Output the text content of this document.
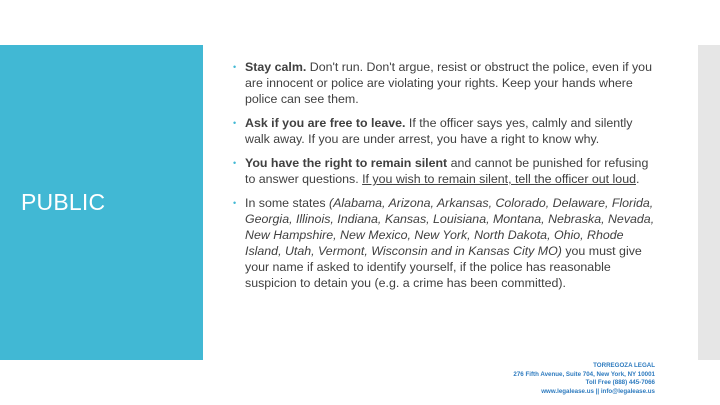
PUBLIC
• Stay calm. Don't run. Don't argue, resist or obstruct the police, even if you are innocent or police are violating your rights. Keep your hands where police can see them.
• Ask if you are free to leave. If the officer says yes, calmly and silently walk away. If you are under arrest, you have a right to know why.
• You have the right to remain silent and cannot be punished for refusing to answer questions. If you wish to remain silent, tell the officer out loud.
• In some states (Alabama, Arizona, Arkansas, Colorado, Delaware, Florida, Georgia, Illinois, Indiana, Kansas, Louisiana, Montana, Nebraska, Nevada, New Hampshire, New Mexico, New York, North Dakota, Ohio, Rhode Island, Utah, Vermont, Wisconsin and in Kansas City MO) you must give your name if asked to identify yourself, if the police has reasonable suspicion to detain you (e.g. a crime has been committed).
TORREGOZA LEGAL
276 Fifth Avenue, Suite 704, New York, NY 10001
Toll Free (888) 445-7066
www.legalease.us || info@legalease.us
